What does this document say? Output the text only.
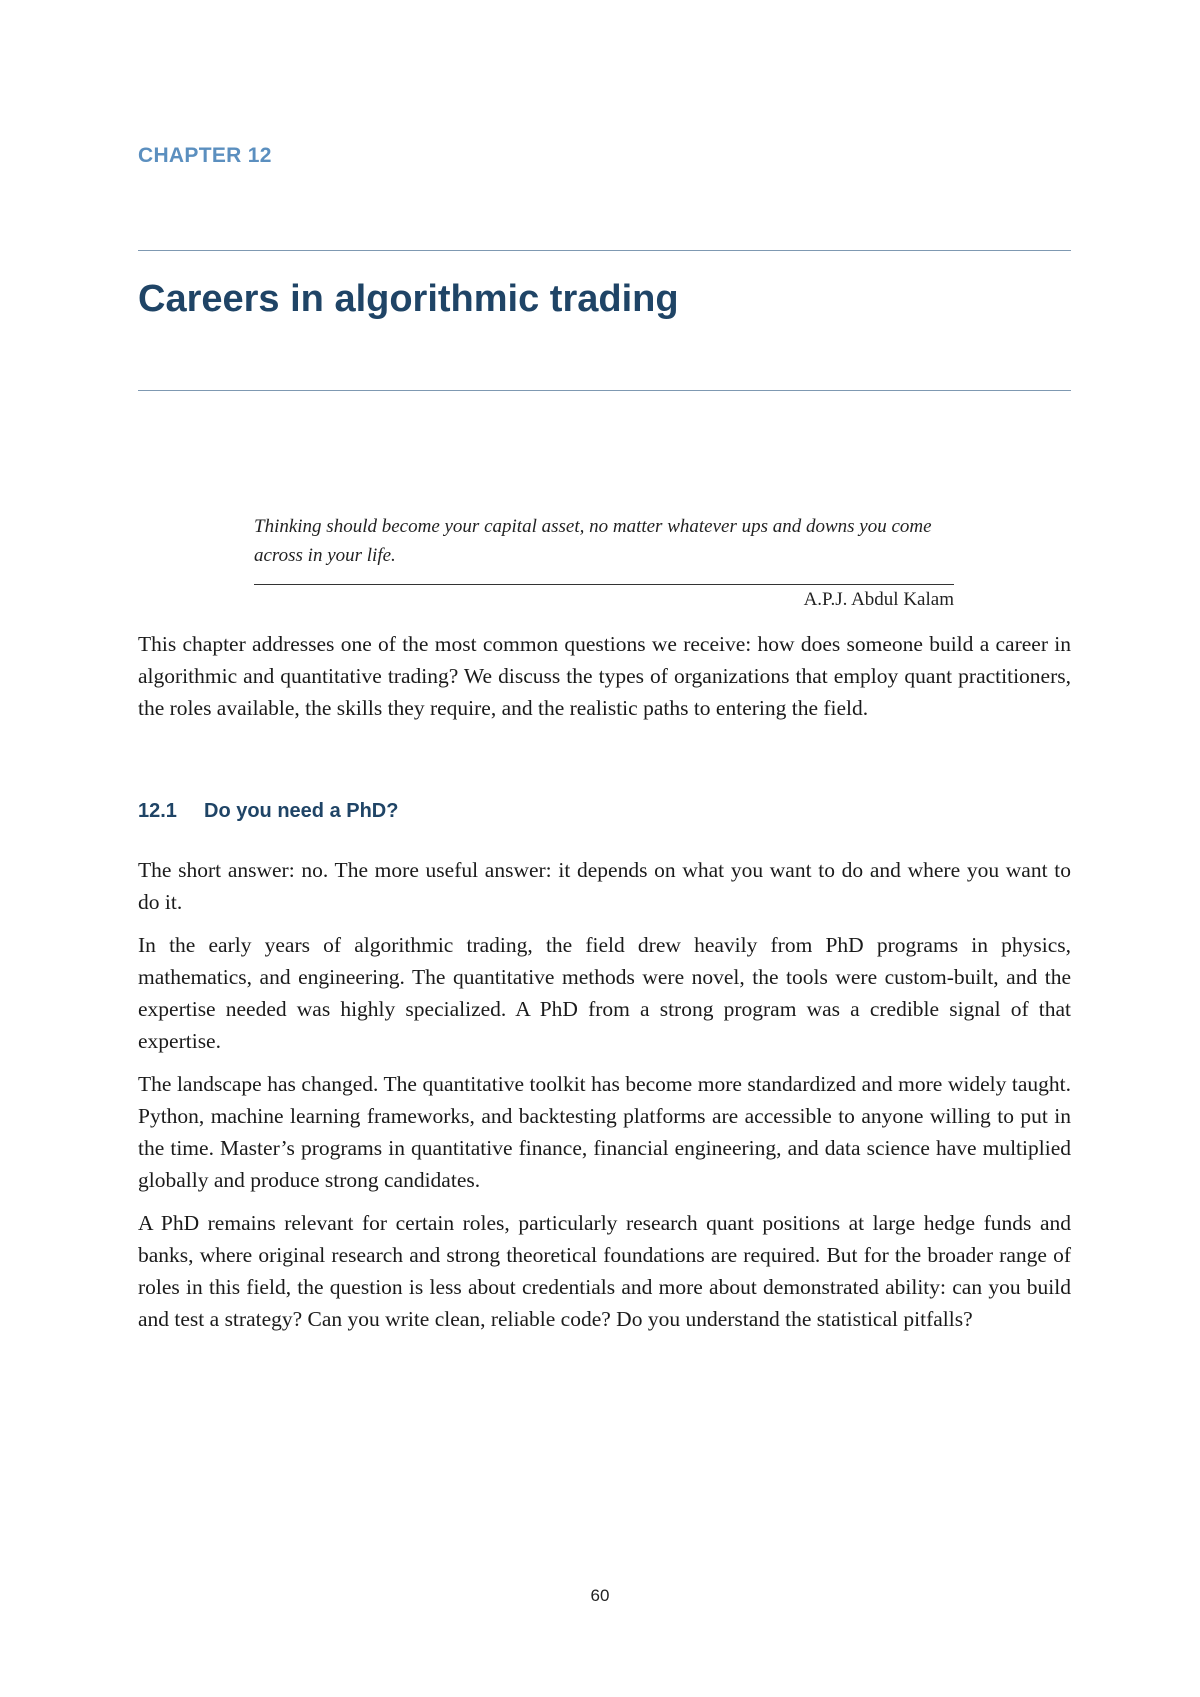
CHAPTER 12
Careers in algorithmic trading

Thinking should become your capital asset, no matter whatever ups and downs you come across in your life.

A.P.J. Abdul Kalam

This chapter addresses one of the most common questions we receive: how does someone build a career in algorithmic and quantitative trading? We discuss the types of organizations that employ quant practitioners, the roles available, the skills they require, and the realistic paths to entering the field.

12.1 Do you need a PhD?

The short answer: no. The more useful answer: it depends on what you want to do and where you want to do it.

In the early years of algorithmic trading, the field drew heavily from PhD programs in physics, mathematics, and engineering. The quantitative methods were novel, the tools were custom-built, and the expertise needed was highly specialized. A PhD from a strong program was a credible signal of that expertise.

The landscape has changed. The quantitative toolkit has become more standardized and more widely taught. Python, machine learning frameworks, and backtesting platforms are accessible to anyone willing to put in the time. Master’s programs in quantitative finance, financial engineering, and data science have multiplied globally and produce strong candidates.

A PhD remains relevant for certain roles, particularly research quant positions at large hedge funds and banks, where original research and strong theoretical foundations are required. But for the broader range of roles in this field, the question is less about credentials and more about demonstrated ability: can you build and test a strategy? Can you write clean, reliable code? Do you understand the statistical pitfalls?

60
